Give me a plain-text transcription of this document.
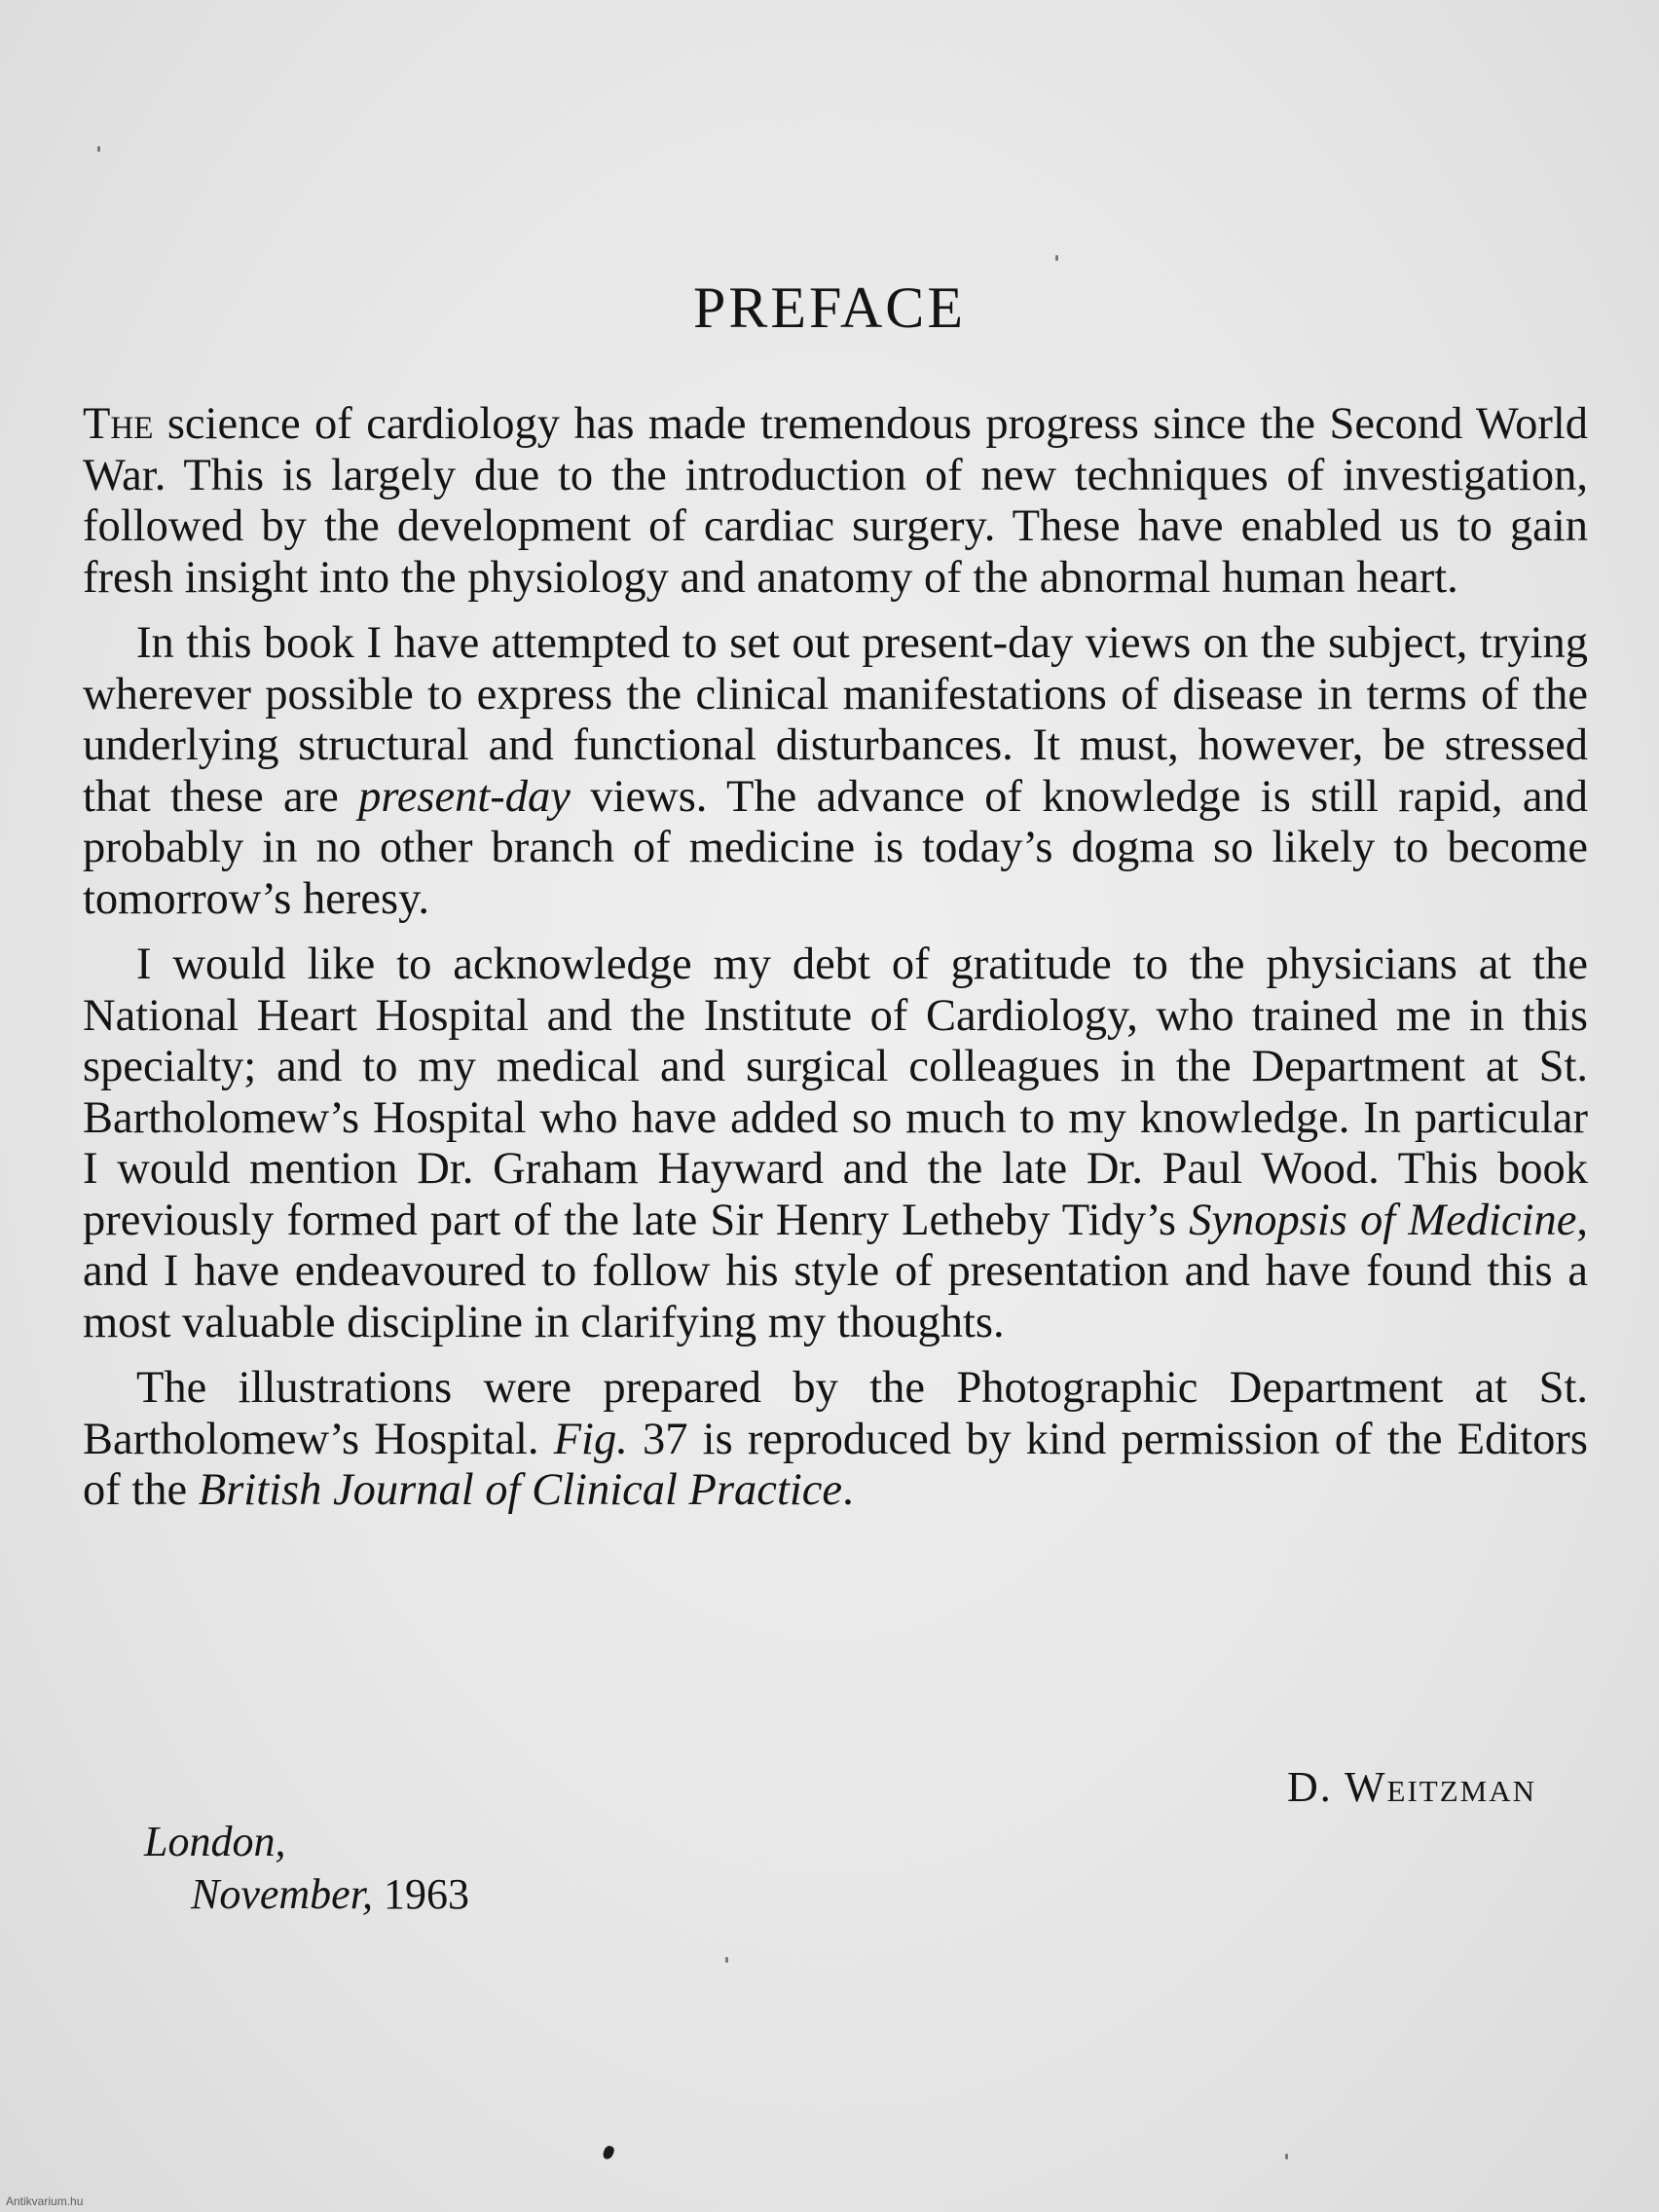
PREFACE

The science of cardiology has made tremendous progress since the Second World War. This is largely due to the introduction of new techniques of investigation, followed by the development of cardiac surgery. These have enabled us to gain fresh insight into the physiology and anatomy of the abnormal human heart.

In this book I have attempted to set out present-day views on the subject, trying wherever possible to express the clinical manifestations of disease in terms of the underlying structural and functional disturbances. It must, however, be stressed that these are present-day views. The advance of knowledge is still rapid, and probably in no other branch of medicine is today’s dogma so likely to become tomorrow’s heresy.

I would like to acknowledge my debt of gratitude to the physicians at the National Heart Hospital and the Institute of Cardiology, who trained me in this specialty; and to my medical and surgical colleagues in the Department at St. Bartholomew’s Hospital who have added so much to my knowledge. In particular I would mention Dr. Graham Hayward and the late Dr. Paul Wood. This book previously formed part of the late Sir Henry Letheby Tidy’s Synopsis of Medicine, and I have endeavoured to follow his style of presentation and have found this a most valuable discipline in clarifying my thoughts.

The illustrations were prepared by the Photographic Department at St. Bartholomew’s Hospital. Fig. 37 is reproduced by kind permission of the Editors of the British Journal of Clinical Practice.

D. Weitzman
London,
November, 1963
Antikvarium.hu
